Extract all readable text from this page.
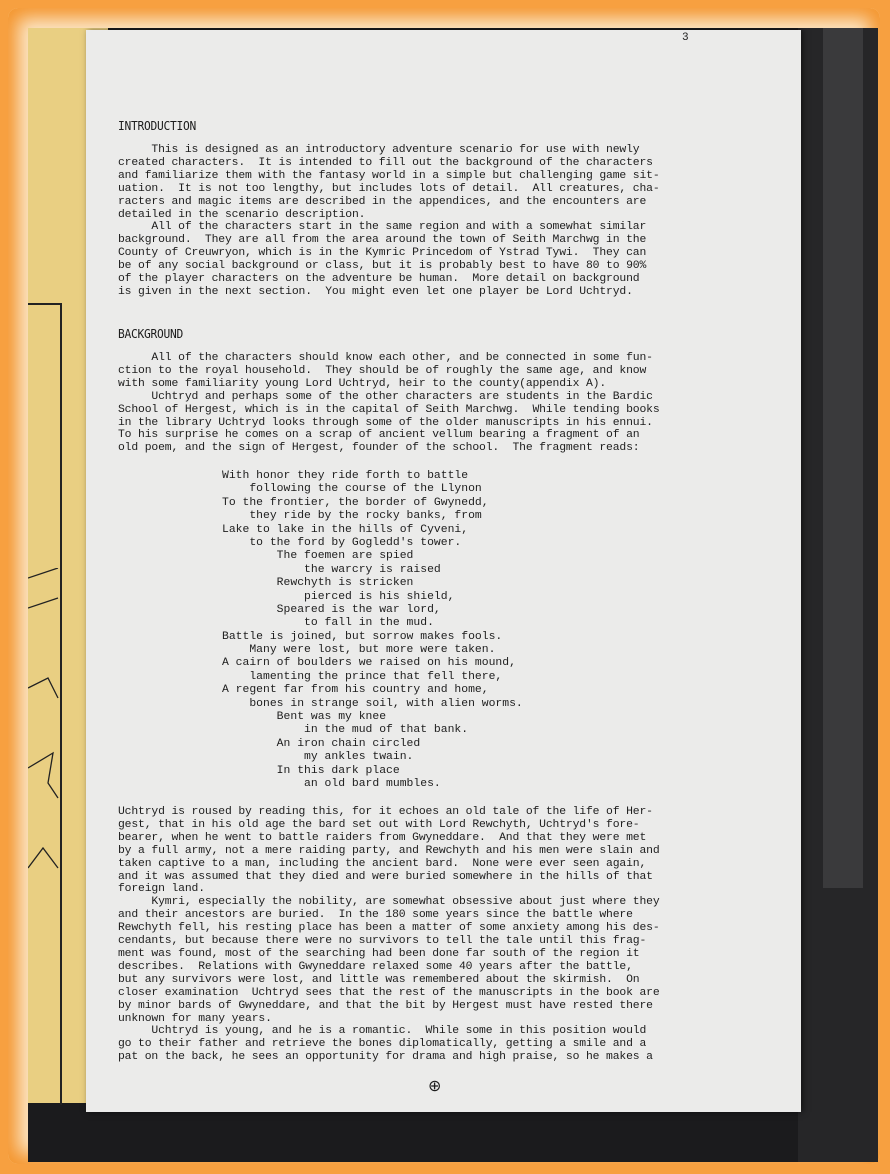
3
INTRODUCTION
This is designed as an introductory adventure scenario for use with newly
created characters.  It is intended to fill out the background of the characters
and familiarize them with the fantasy world in a simple but challenging game sit-
uation.  It is not too lengthy, but includes lots of detail.  All creatures, cha-
racters and magic items are described in the appendices, and the encounters are
detailed in the scenario description.
All of the characters start in the same region and with a somewhat similar
background.  They are all from the area around the town of Seith Marchwg in the
County of Creuwryon, which is in the Kymric Princedom of Ystrad Tywi.  They can
be of any social background or class, but it is probably best to have 80 to 90%
of the player characters on the adventure be human.  More detail on background
is given in the next section.  You might even let one player be Lord Uchtryd.
BACKGROUND
All of the characters should know each other, and be connected in some fun-
ction to the royal household.  They should be of roughly the same age, and know
with some familiarity young Lord Uchtryd, heir to the county(appendix A).
Uchtryd and perhaps some of the other characters are students in the Bardic
School of Hergest, which is in the capital of Seith Marchwg.  While tending books
in the library Uchtryd looks through some of the older manuscripts in his ennui.
To his surprise he comes on a scrap of ancient vellum bearing a fragment of an
old poem, and the sign of Hergest, founder of the school.  The fragment reads:
With honor they ride forth to battle
following the course of the Llynon
To the frontier, the border of Gwynedd,
they ride by the rocky banks, from
Lake to lake in the hills of Cyveni,
to the ford by Gogledd's tower.
The foemen are spied
the warcry is raised
Rewchyth is stricken
pierced is his shield,
Speared is the war lord,
to fall in the mud.
Battle is joined, but sorrow makes fools.
Many were lost, but more were taken.
A cairn of boulders we raised on his mound,
lamenting the prince that fell there,
A regent far from his country and home,
bones in strange soil, with alien worms.
Bent was my knee
in the mud of that bank.
An iron chain circled
my ankles twain.
In this dark place
an old bard mumbles.
Uchtryd is roused by reading this, for it echoes an old tale of the life of Her-
gest, that in his old age the bard set out with Lord Rewchyth, Uchtryd's fore-
bearer, when he went to battle raiders from Gwyneddare.  And that they were met
by a full army, not a mere raiding party, and Rewchyth and his men were slain and
taken captive to a man, including the ancient bard.  None were ever seen again,
and it was assumed that they died and were buried somewhere in the hills of that
foreign land.
Kymri, especially the nobility, are somewhat obsessive about just where they
and their ancestors are buried.  In the 180 some years since the battle where
Rewchyth fell, his resting place has been a matter of some anxiety among his des-
cendants, but because there were no survivors to tell the tale until this frag-
ment was found, most of the searching had been done far south of the region it
describes.  Relations with Gwyneddare relaxed some 40 years after the battle,
but any survivors were lost, and little was remembered about the skirmish.  On
closer examination  Uchtryd sees that the rest of the manuscripts in the book are
by minor bards of Gwyneddare, and that the bit by Hergest must have rested there
unknown for many years.
Uchtryd is young, and he is a romantic.  While some in this position would
go to their father and retrieve the bones diplomatically, getting a smile and a
pat on the back, he sees an opportunity for drama and high praise, so he makes a
⊕
